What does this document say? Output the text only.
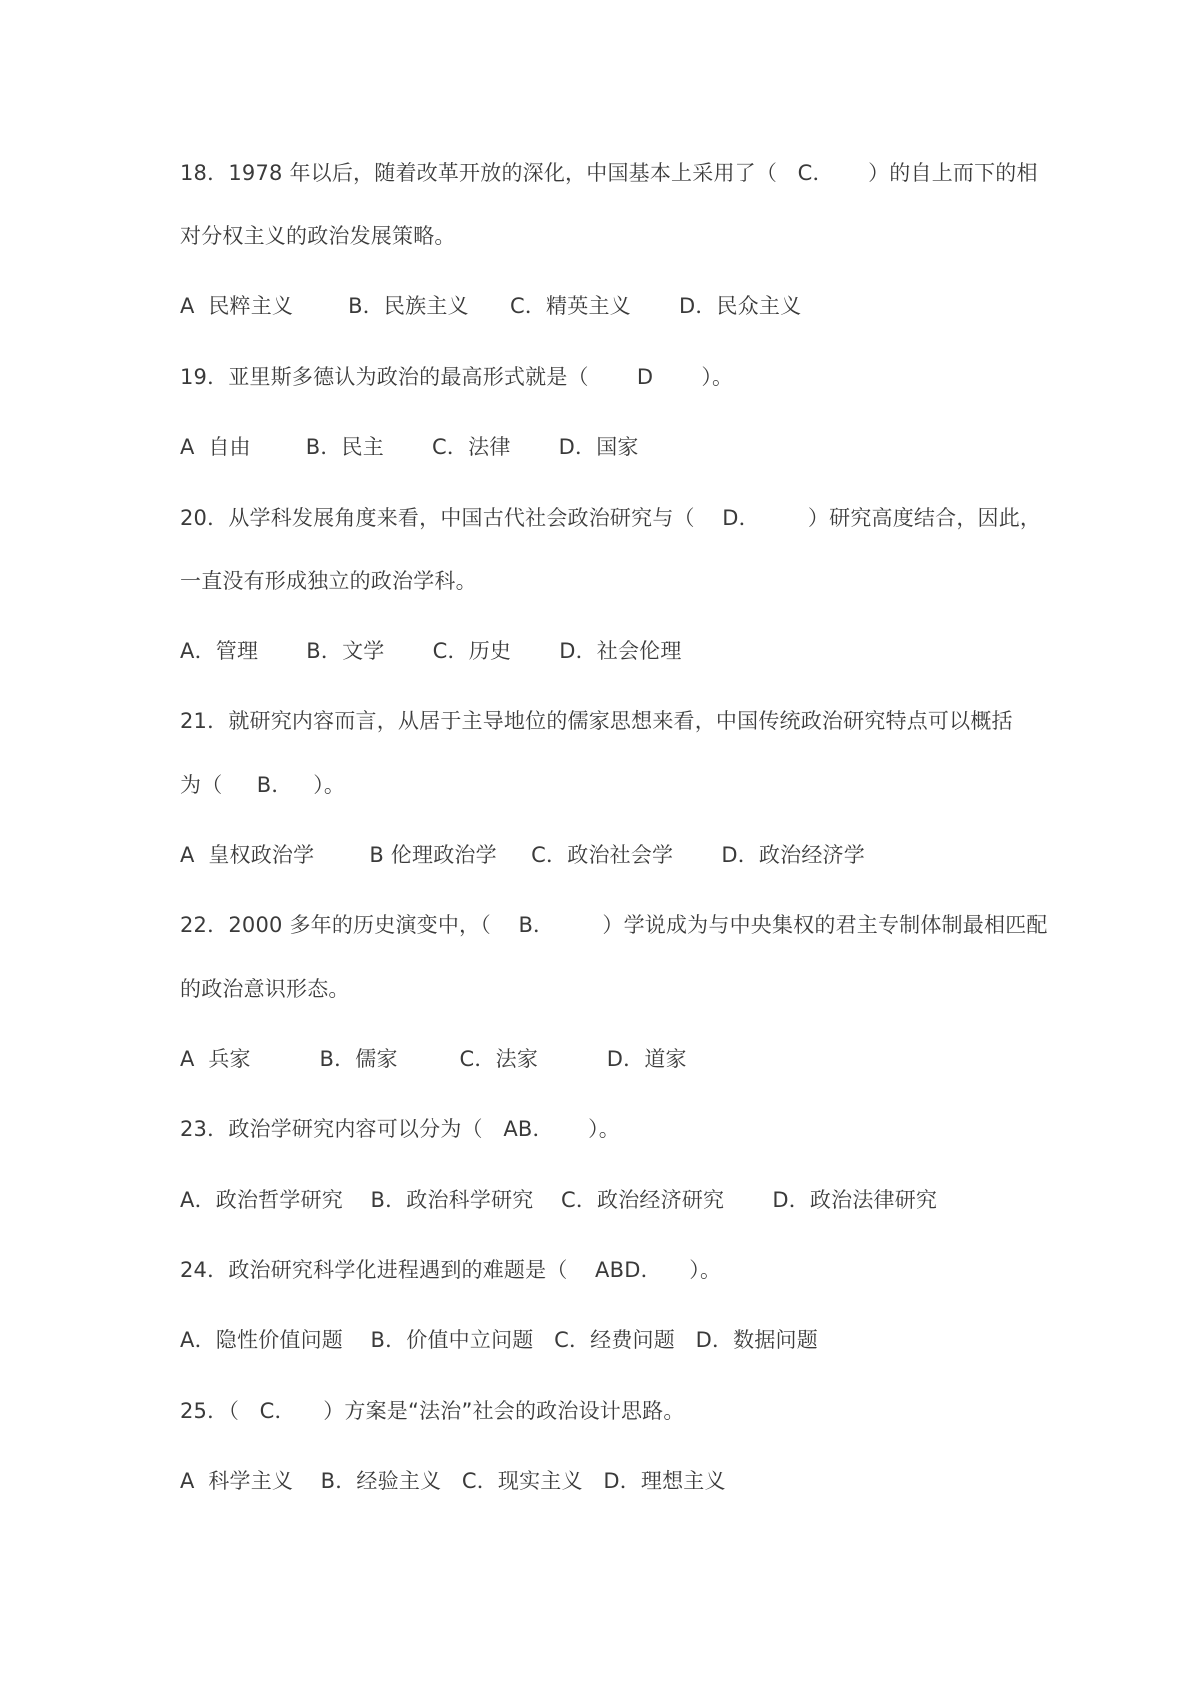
18．1978 年以后，随着改革开放的深化，中国基本上采用了（   C．     ）的自上而下的相
对分权主义的政治发展策略。
A  民粹主义        B．民族主义      C．精英主义       D．民众主义
19．亚里斯多德认为政治的最高形式就是（       D       ）。
A  自由        B．民主       C．法律       D．国家
20．从学科发展角度来看，中国古代社会政治研究与（    D．       ）研究高度结合，因此，
一直没有形成独立的政治学科。
A．管理       B．文学       C．历史       D．社会伦理
21．就研究内容而言，从居于主导地位的儒家思想来看，中国传统政治研究特点可以概括
为（     B．   ）。
A  皇权政治学        B 伦理政治学     C．政治社会学       D．政治经济学
22．2000 多年的历史演变中，（    B．       ）学说成为与中央集权的君主专制体制最相匹配
的政治意识形态。
A  兵家          B．儒家         C．法家          D．道家
23．政治学研究内容可以分为（   AB．     ）。
A．政治哲学研究    B．政治科学研究    C．政治经济研究       D．政治法律研究
24．政治研究科学化进程遇到的难题是（    ABD．    ）。
A．隐性价值问题    B．价值中立问题   C．经费问题   D．数据问题
25．（   C．    ）方案是“法治”社会的政治设计思路。
A  科学主义    B．经验主义   C．现实主义   D．理想主义
